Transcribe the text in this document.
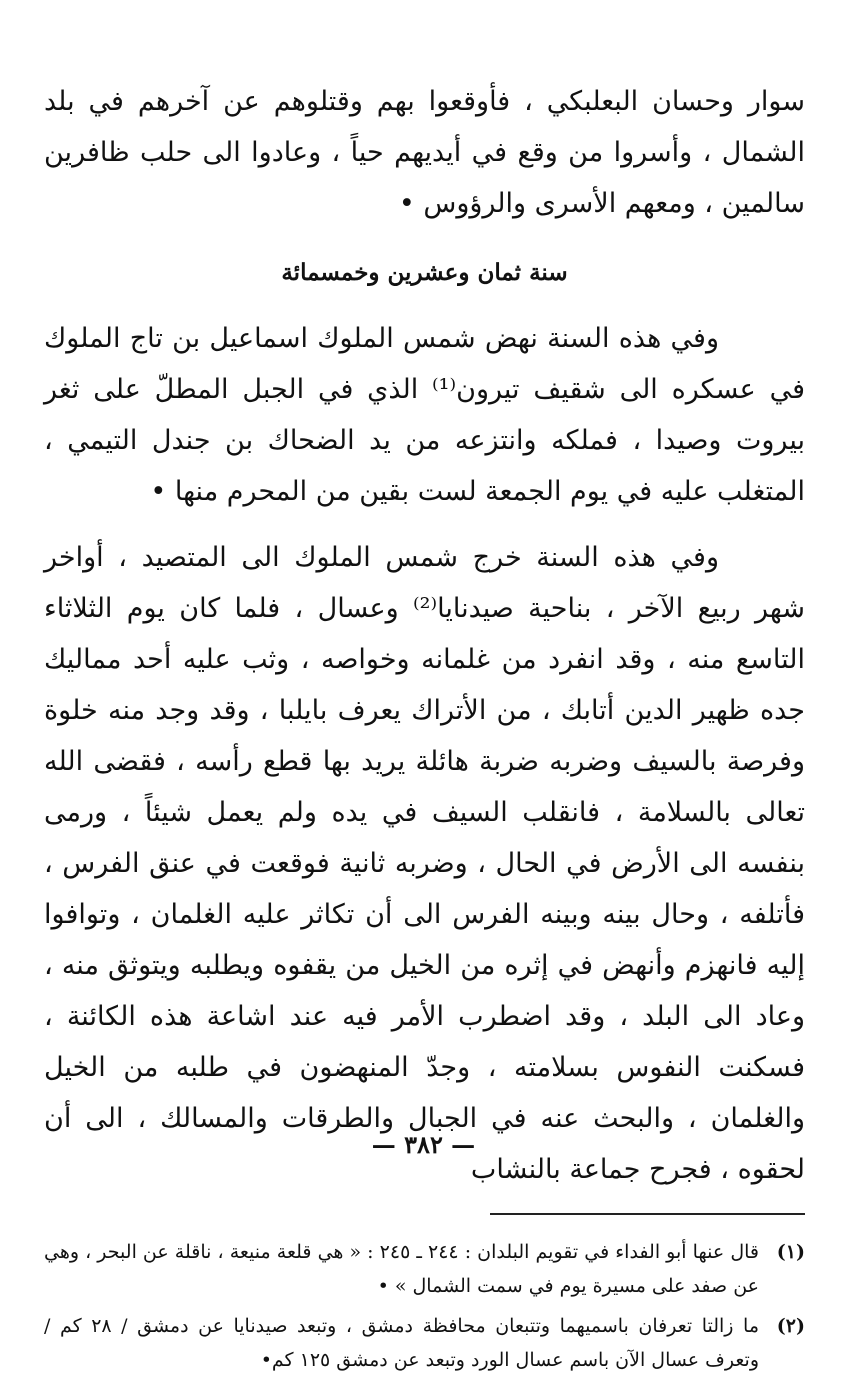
سوار وحسان البعلبكي ، فأوقعوا بهم وقتلوهم عن آخرهم في بلد الشمال ، وأسروا من وقع في أيديهم حياً ، وعادوا الى حلب ظافرين سالمين ، ومعهم الأسرى والرؤوس •

سنة ثمان وعشرين وخمسمائة

وفي هذه السنة نهض شمس الملوك اسماعيل بن تاج الملوك في عسكره الى شقيف تيرون⁽¹⁾ الذي في الجبل المطلّ على ثغر بيروت وصيدا ، فملكه وانتزعه من يد الضحاك بن جندل التيمي ، المتغلب عليه في يوم الجمعة لست بقين من المحرم منها •

وفي هذه السنة خرج شمس الملوك الى المتصيد ، أواخر شهر ربيع الآخر ، بناحية صيدنايا⁽²⁾ وعسال ، فلما كان يوم الثلاثاء التاسع منه ، وقد انفرد من غلمانه وخواصه ، وثب عليه أحد مماليك جده ظهير الدين أتابك ، من الأتراك يعرف بايلبا ، وقد وجد منه خلوة وفرصة بالسيف وضربه ضربة هائلة يريد بها قطع رأسه ، فقضى الله تعالى بالسلامة ، فانقلب السيف في يده ولم يعمل شيئاً ، ورمى بنفسه الى الأرض في الحال ، وضربه ثانية فوقعت في عنق الفرس ، فأتلفه ، وحال بينه وبينه الفرس الى أن تكاثر عليه الغلمان ، وتوافوا إليه فانهزم وأنهض في إثره من الخيل من يقفوه ويطلبه ويتوثق منه ، وعاد الى البلد ، وقد اضطرب الأمر فيه عند اشاعة هذه الكائنة ، فسكنت النفوس بسلامته ، وجدّ المنهضون في طلبه من الخيل والغلمان ، والبحث عنه في الجبال والطرقات والمسالك ، الى أن لحقوه ، فجرح جماعة بالنشاب

(١)
قال عنها أبو الفداء في تقويم البلدان : ٢٤٤ ـ ٢٤٥ : « هي قلعة منيعة ، ناقلة عن البحر ، وهي عن صفد على مسيرة يوم في سمت الشمال » •
(٢)
ما زالتا تعرفان باسميهما وتتبعان محافظة دمشق ، وتبعد صيدنايا عن دمشق / ٢٨ كم / وتعرف عسال الآن باسم عسال الورد وتبعد عن دمشق ١٢٥ كم•
— ٣٨٢ —
